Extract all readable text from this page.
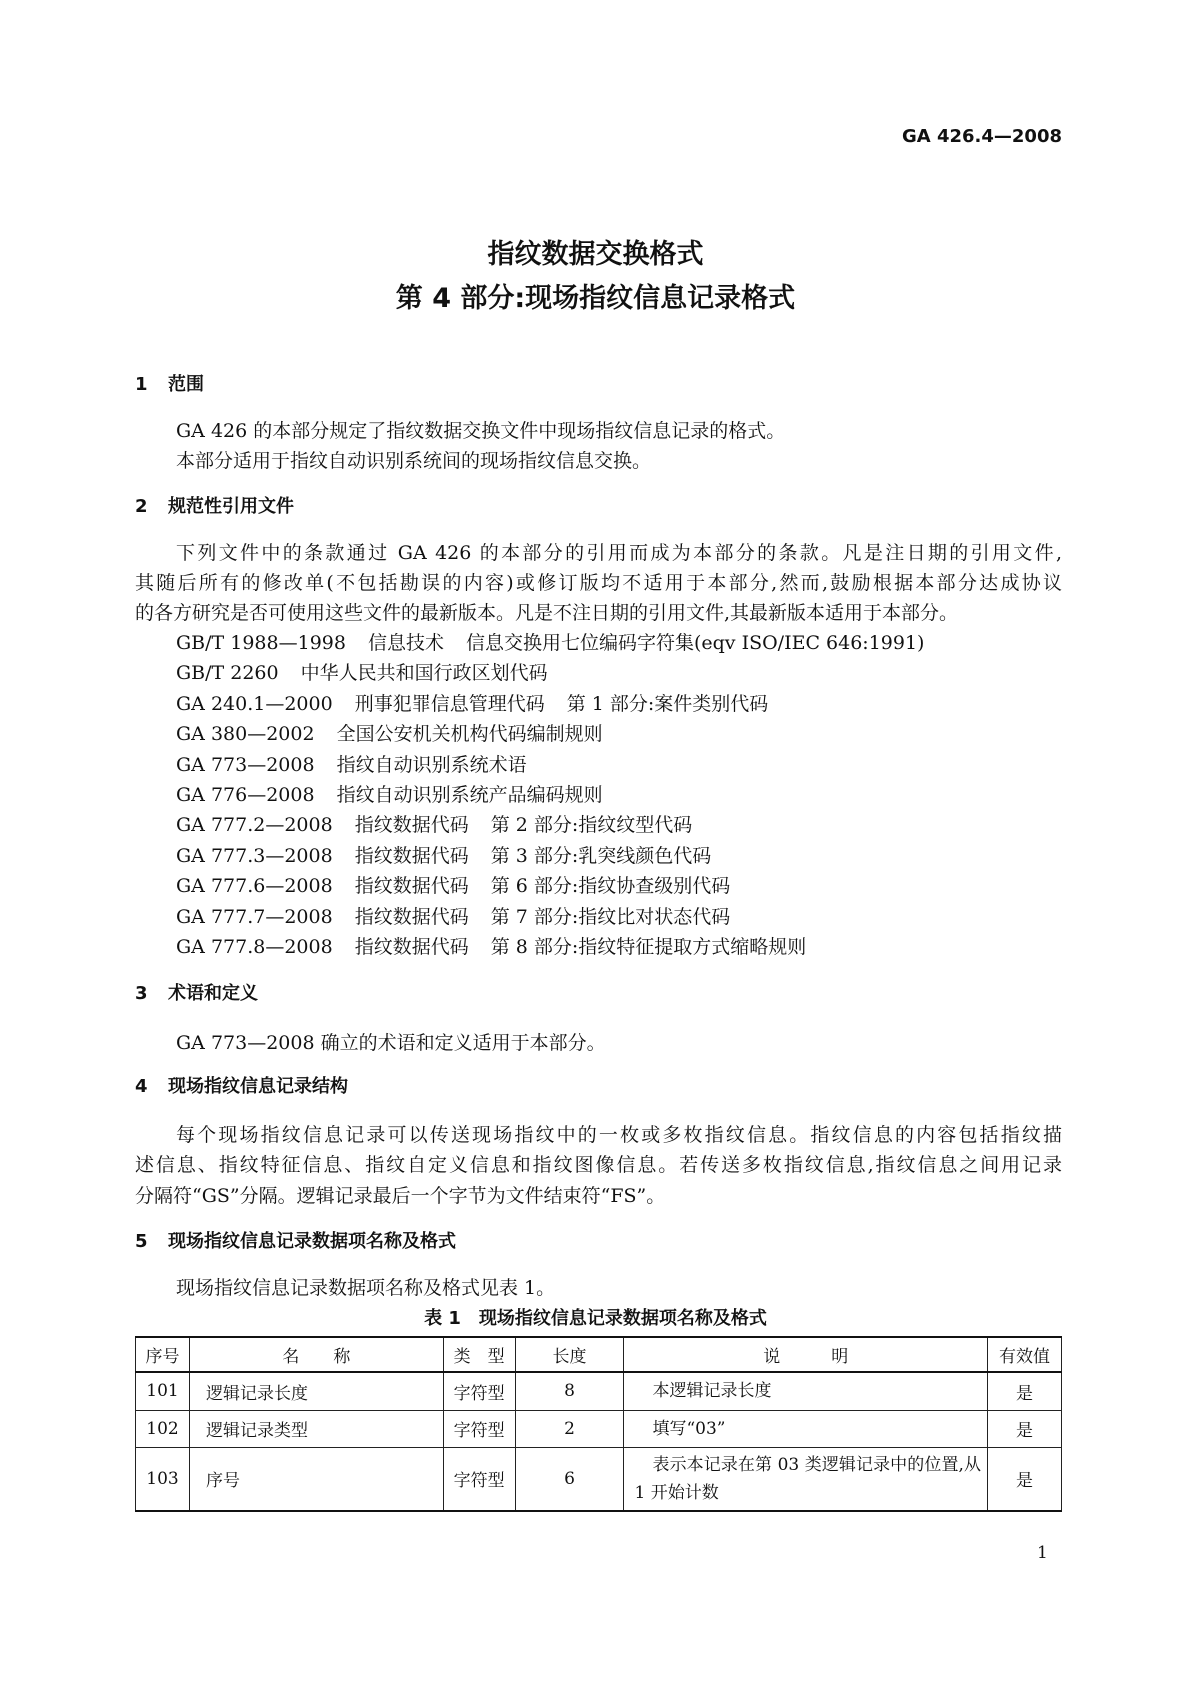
GA 426.4—2008
指纹数据交换格式
第 4 部分:现场指纹信息记录格式
1 范围
GA 426 的本部分规定了指纹数据交换文件中现场指纹信息记录的格式。
本部分适用于指纹自动识别系统间的现场指纹信息交换。
2 规范性引用文件
下列文件中的条款通过 GA 426 的本部分的引用而成为本部分的条款。凡是注日期的引用文件,
其随后所有的修改单(不包括勘误的内容)或修订版均不适用于本部分,然而,鼓励根据本部分达成协议
的各方研究是否可使用这些文件的最新版本。凡是不注日期的引用文件,其最新版本适用于本部分。
GB/T 1988—1998 信息技术 信息交换用七位编码字符集(eqv ISO/IEC 646:1991)
GB/T 2260 中华人民共和国行政区划代码
GA 240.1—2000 刑事犯罪信息管理代码 第 1 部分:案件类别代码
GA 380—2002 全国公安机关机构代码编制规则
GA 773—2008 指纹自动识别系统术语
GA 776—2008 指纹自动识别系统产品编码规则
GA 777.2—2008 指纹数据代码 第 2 部分:指纹纹型代码
GA 777.3—2008 指纹数据代码 第 3 部分:乳突线颜色代码
GA 777.6—2008 指纹数据代码 第 6 部分:指纹协查级别代码
GA 777.7—2008 指纹数据代码 第 7 部分:指纹比对状态代码
GA 777.8—2008 指纹数据代码 第 8 部分:指纹特征提取方式缩略规则
3 术语和定义
GA 773—2008 确立的术语和定义适用于本部分。
4 现场指纹信息记录结构
每个现场指纹信息记录可以传送现场指纹中的一枚或多枚指纹信息。指纹信息的内容包括指纹描
述信息、指纹特征信息、指纹自定义信息和指纹图像信息。若传送多枚指纹信息,指纹信息之间用记录
分隔符“GS”分隔。逻辑记录最后一个字节为文件结束符“FS”。
5 现场指纹信息记录数据项名称及格式
现场指纹信息记录数据项名称及格式见表 1。
表 1　现场指纹信息记录数据项名称及格式
序号	名　　称	类　型	长度	说　　　明	有效值
101	逻辑记录长度	字符型	8	本逻辑记录长度	是
102	逻辑记录类型	字符型	2	填写“03”	是
103	序号	字符型	6	表示本记录在第 03 类逻辑记录中的位置,从 1 开始计数	是
1
